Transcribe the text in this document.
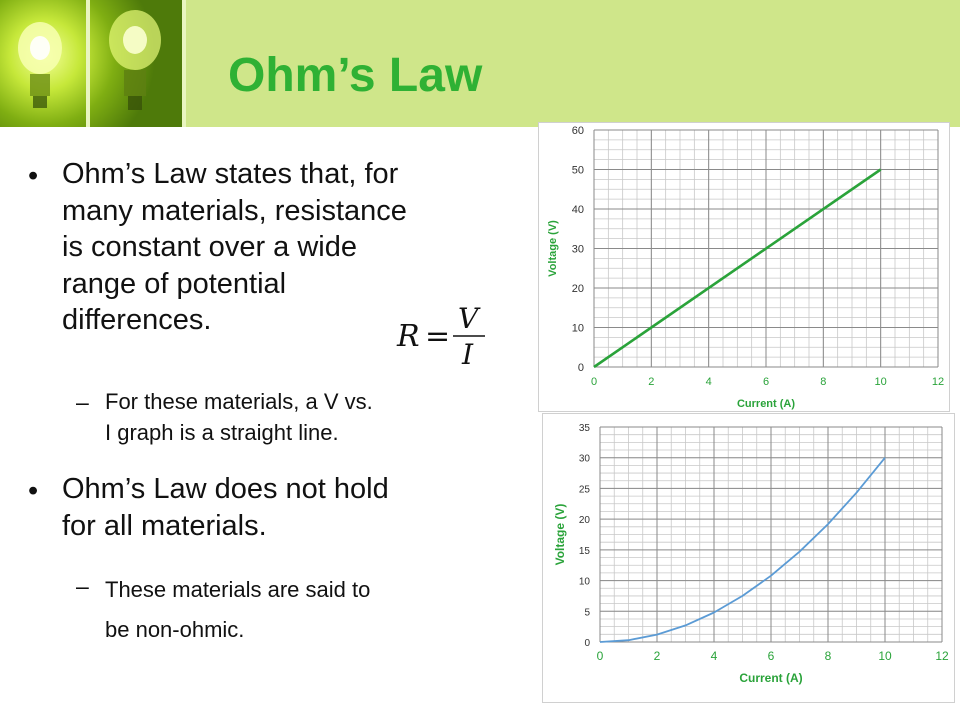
Ohm’s Law
• Ohm’s Law states that, for
many materials, resistance
is constant over a wide
range of potential
differences.
– For these materials, a V vs.
I graph is a straight line.
• Ohm’s Law does not hold
for all materials.
– These materials are said to
be non-ohmic.
R =
V
I
0	2	4	6	8	10	12
0
10
20
30
40
50
60
Current (A)
Voltage (V)
0	2	4	6	8	10	12
0
5
10
15
20
25
30
35
Current (A)
Voltage (V)
